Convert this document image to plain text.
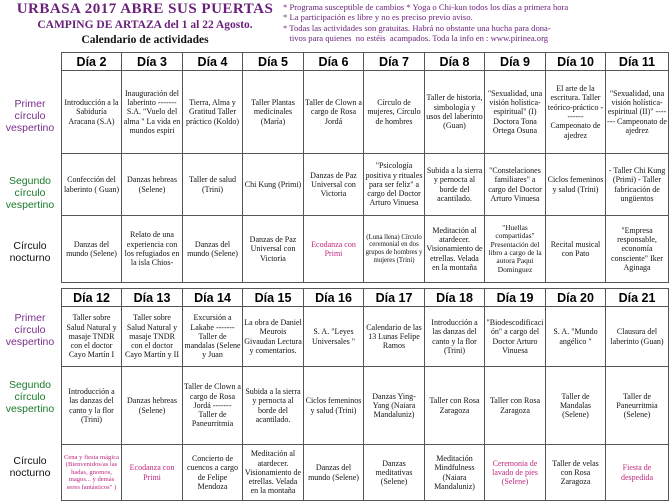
URBASA 2017 ABRE SUS PUERTAS
CAMPING DE ARTAZA del 1 al 22 Agosto.
Calendario de actividades
* Programa susceptible de cambios * Yoga o Chi-kun todos los días a primera hora
* La participación es libre y no es preciso previo aviso.
* Todas las actividades son gratuitas. Habrá no obstante una hucha para dona-
tivos para quienes  no estéis  acampados. Toda la info en : www.pirinea.org
Primer círculo vespertino
Segundo círculo vespertino
Círculo nocturno
Primer círculo vespertino
Segundo círculo vespertino
Círculo nocturno
Día 2	Día 3	Día 4	Día 5	Día 6	Día 7	Día 8	Día 9	Día 10	Día 11
Introducción a la Sabiduría Aracana (S.A)	Inauguración del laberinto ------- S.A. "Vuelo del alma " La vida en mundos espiri	Tierra, Alma y Gratitud Taller práctico (Koldo)	Taller Plantas medicinales (María)	Taller de Clown a cargo de Rosa Jordá	Círculo de mujeres, Círculo de hombres	Taller de historia, simbología y usos del laberinto (Guan)	"Sexualidad, una visión holística-espiritual" (I) Doctora Tona Ortega Osuna	El arte de la escritura. Taller teórico-práctico ------- Campeonato de ajedrez	"Sexualidad, una visión holística-espiritual (II)" ------- Campeonato de ajedrez
Confección del laberinto ( Guan)	Danzas hebreas (Selene)	Taller de salud (Trini)	Chi Kung (Primi)	Danzas de Paz Universal con Victoria	"Psicología positiva y rituales para ser feliz" a cargo del Doctor Arturo Vinuesa	Subida a la sierra y pernocta al borde del acantilado.	"Constelaciones familiares" a cargo del Doctor Arturo Vinuesa	Ciclos femeninos y salud (Trini)	- Taller Chi Kung (Primi) - Taller fabricación de ungüentos
Danzas del mundo (Selene)	Relato de una experiencia con los refugiados en la isla Chios-	Danzas del mundo (Selene)	Danzas de Paz Universal con Victoria	Ecodanza con Primi	(Luna llena) Círculo ceremonial en dos grupos de hombres y mujeres (Trini)	Meditación al atardecer. Visionamiento de etrellas. Velada en la montaña	"Huellas compartidas" Presentación del libro a cargo de la autora Paqui Dominguez	Recital musical con Pato	"Empresa responsable, economía consciente" Iker Aginaga
Día 12	Día 13	Día 14	Día 15	Día 16	Día 17	Día 18	Día 19	Día 20	Día 21
Taller sobre Salud Natural y masaje TNDR con el doctor Cayo Martín I	Taller sobre Salud Natural y masaje TNDR con el doctor Cayo Martín y II	Excursión a Lakabe ------- Taller de mandalas (Selene y Juan	La obra de Daniel Meurois Givaudan Lectura y comentarios.	S. A. "Leyes Universales "	Calendario de las 13 Lunas Felipe Ramos	Introducción a las danzas del canto y la flor (Trini)	"Biodescodificación" a cargo del Doctor Arturo Vinuesa	S. A. "Mundo angélico "	Clausura del laberinto (Guan)
Introducción a las danzas del canto y la flor (Trini)	Danzas hebreas (Selene)	Taller de Clown a cargo de Rosa Jordá ------- Taller de Paneurritmia	Subida a la sierra y pernocta al borde del acantilado.	Ciclos femeninos y salud (Trini)	Danzas Ying-Yang (Naiara Mandaluniz)	Taller con Rosa Zaragoza	Taller con Rosa Zaragoza	Taller de Mandalas (Selene)	Taller de Paneurritmia (Selene)
Cena y fiesta mágica (Bienvenidos/as las hadas, gnomos, magos... y demás seres fantásticos" )	Ecodanza con Primi	Concierto de cuencos a cargo de Felipe Mendoza	Meditación al atardecer. Visionamiento de etrellas. Velada en la montaña	Danzas del mundo (Selene)	Danzas meditativas (Selene)	Meditación Mindfulness (Naiara Mandaluniz)	Ceremonia de lavado de pies (Selene)	Taller de velas con Rosa Zaragoza	Fiesta de despedida
